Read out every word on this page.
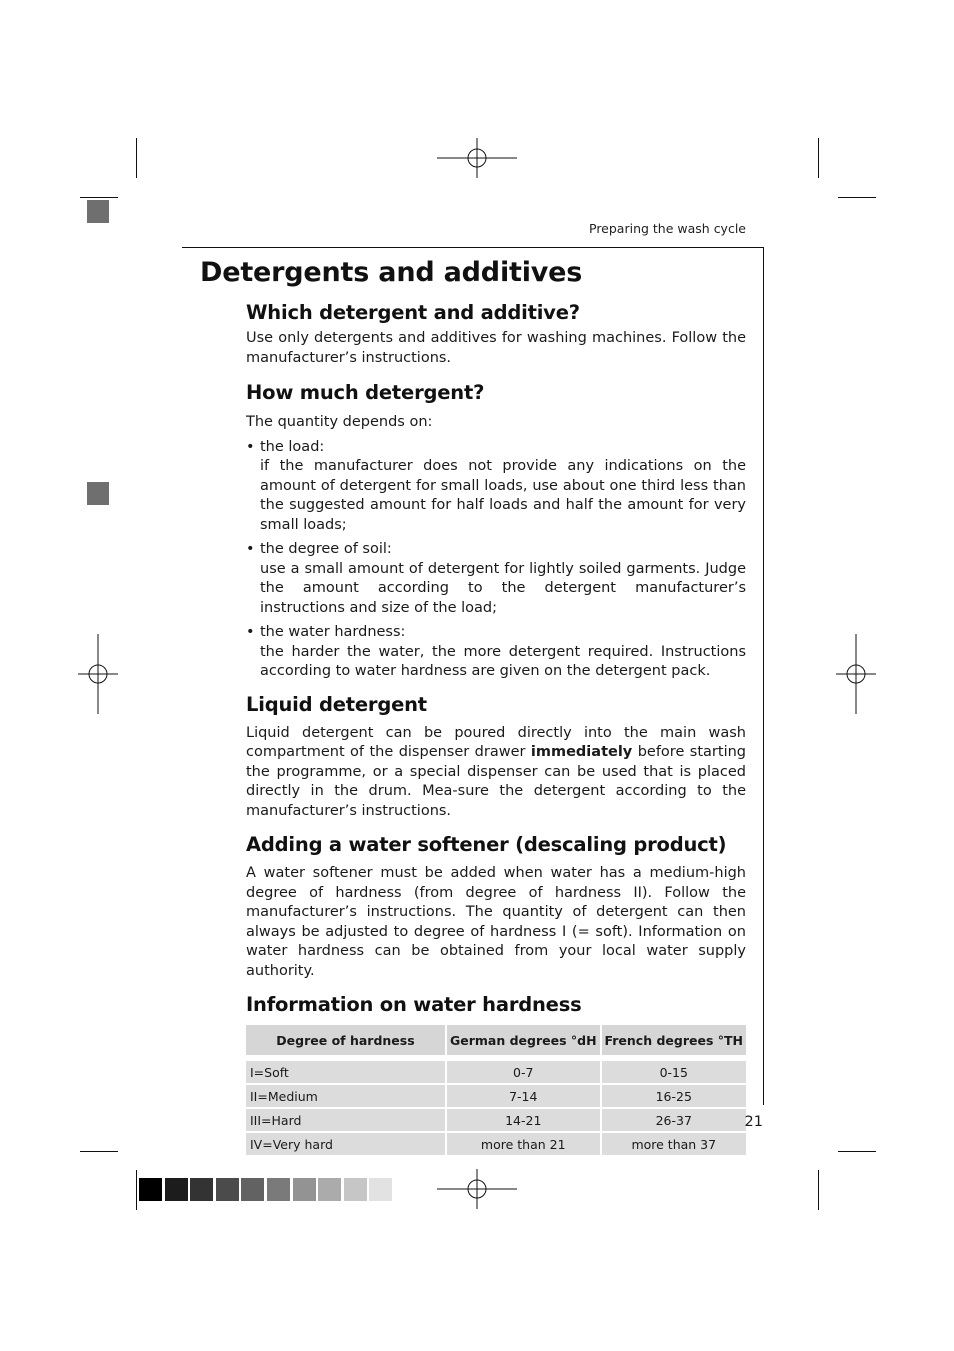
Preparing the wash cycle
Detergents and additives
Which detergent and additive?

Use only detergents and additives for washing machines. Follow the manufacturer’s instructions.

How much detergent?

The quantity depends on:

• the load:
if the manufacturer does not provide any indications on the amount of detergent for small loads, use about one third less than the suggested amount for half loads and half the amount for very small loads;
• the degree of soil:
use a small amount of detergent for lightly soiled garments. Judge the amount according to the detergent manufacturer’s instructions and size of the load;
• the water hardness:
the harder the water, the more detergent required. Instructions according to water hardness are given on the detergent pack.
Liquid detergent

Liquid detergent can be poured directly into the main wash compartment of the dispenser drawer immediately before starting the programme, or a special dispenser can be used that is placed directly in the drum. Mea-sure the detergent according to the manufacturer’s instructions.

Adding a water softener (descaling product)

A water softener must be added when water has a medium-high degree of hardness (from degree of hardness II). Follow the manufacturer’s instructions. The quantity of detergent can then always be adjusted to degree of hardness I (= soft). Information on water hardness can be obtained from your local water supply authority.

Information on water hardness
Degree of hardness	German degrees °dH	French degrees °TH

I=Soft	0-7	0-15
II=Medium	7-14	16-25
III=Hard	14-21	26-37
IV=Very hard	more than 21	more than 37
21
